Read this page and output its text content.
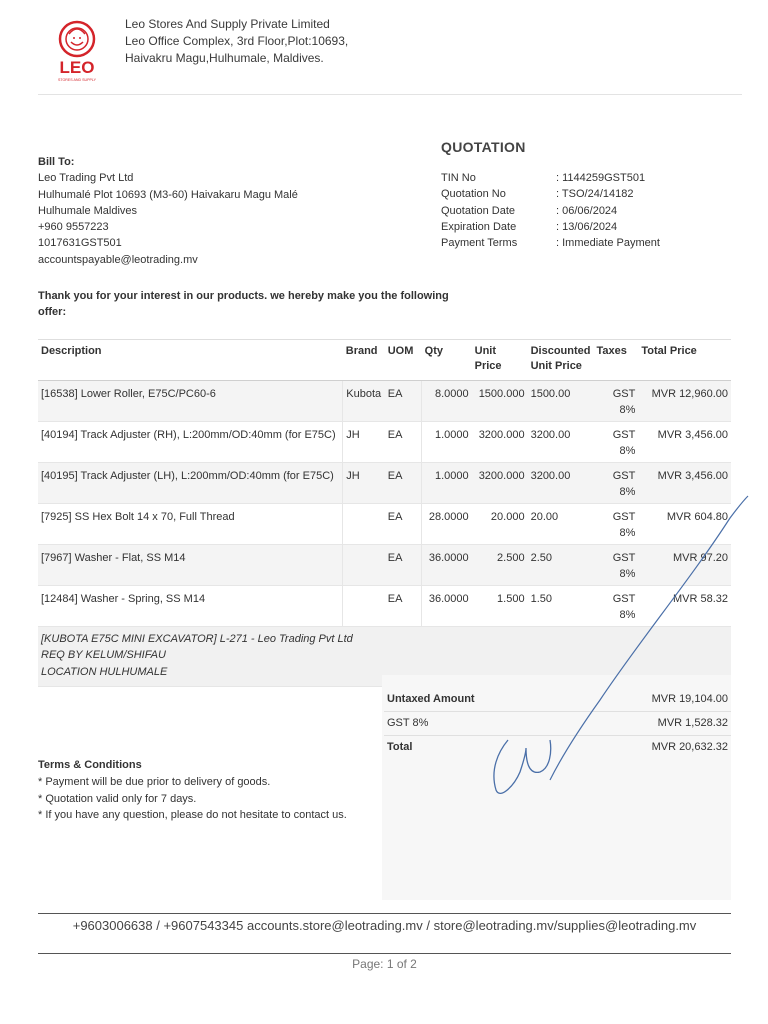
LEO
STORES AND SUPPLY
Leo Stores And Supply Private Limited
Leo Office Complex, 3rd Floor,Plot:10693,
Haivakru Magu,Hulhumale, Maldives.
Bill To:
Leo Trading Pvt Ltd
Hulhumalé Plot 10693 (M3-60) Haivakaru Magu Malé
Hulhumale Maldives
+960 9557223
1017631GST501
accountspayable@leotrading.mv
QUOTATION
TIN No	: 1144259GST501
Quotation No	: TSO/24/14182
Quotation Date	: 06/06/2024
Expiration Date	: 13/06/2024
Payment Terms	: Immediate Payment
Thank you for your interest in our products. we hereby make you the following offer:
Description	Brand	UOM	Qty	Unit Price	Discounted Unit Price	Taxes	Total Price
[16538] Lower Roller, E75C/PC60-6	Kubota	EA	8.0000	1500.000	1500.00	GST 8%	MVR 12,960.00
[40194] Track Adjuster (RH), L:200mm/OD:40mm (for E75C)	JH	EA	1.0000	3200.000	3200.00	GST 8%	MVR 3,456.00
[40195] Track Adjuster (LH), L:200mm/OD:40mm (for E75C)	JH	EA	1.0000	3200.000	3200.00	GST 8%	MVR 3,456.00
[7925] SS Hex Bolt 14 x 70, Full Thread		EA	28.0000	20.000	20.00	GST 8%	MVR 604.80
[7967] Washer - Flat, SS M14		EA	36.0000	2.500	2.50	GST 8%	MVR 97.20
[12484] Washer - Spring, SS M14		EA	36.0000	1.500	1.50	GST 8%	MVR 58.32

[KUBOTA E75C MINI EXCAVATOR] L-271 - Leo Trading Pvt Ltd
REQ BY KELUM/SHIFAU
LOCATION HULHUMALE							
Untaxed Amount	MVR 19,104.00
GST 8%	MVR 1,528.32
Total	MVR 20,632.32
Terms & Conditions
* Payment will be due prior to delivery of goods.
* Quotation valid only for 7 days.
* If you have any question, please do not hesitate to contact us.
+9603006638 / +9607543345 accounts.store@leotrading.mv / store@leotrading.mv/supplies@leotrading.mv
Page: 1 of 2
